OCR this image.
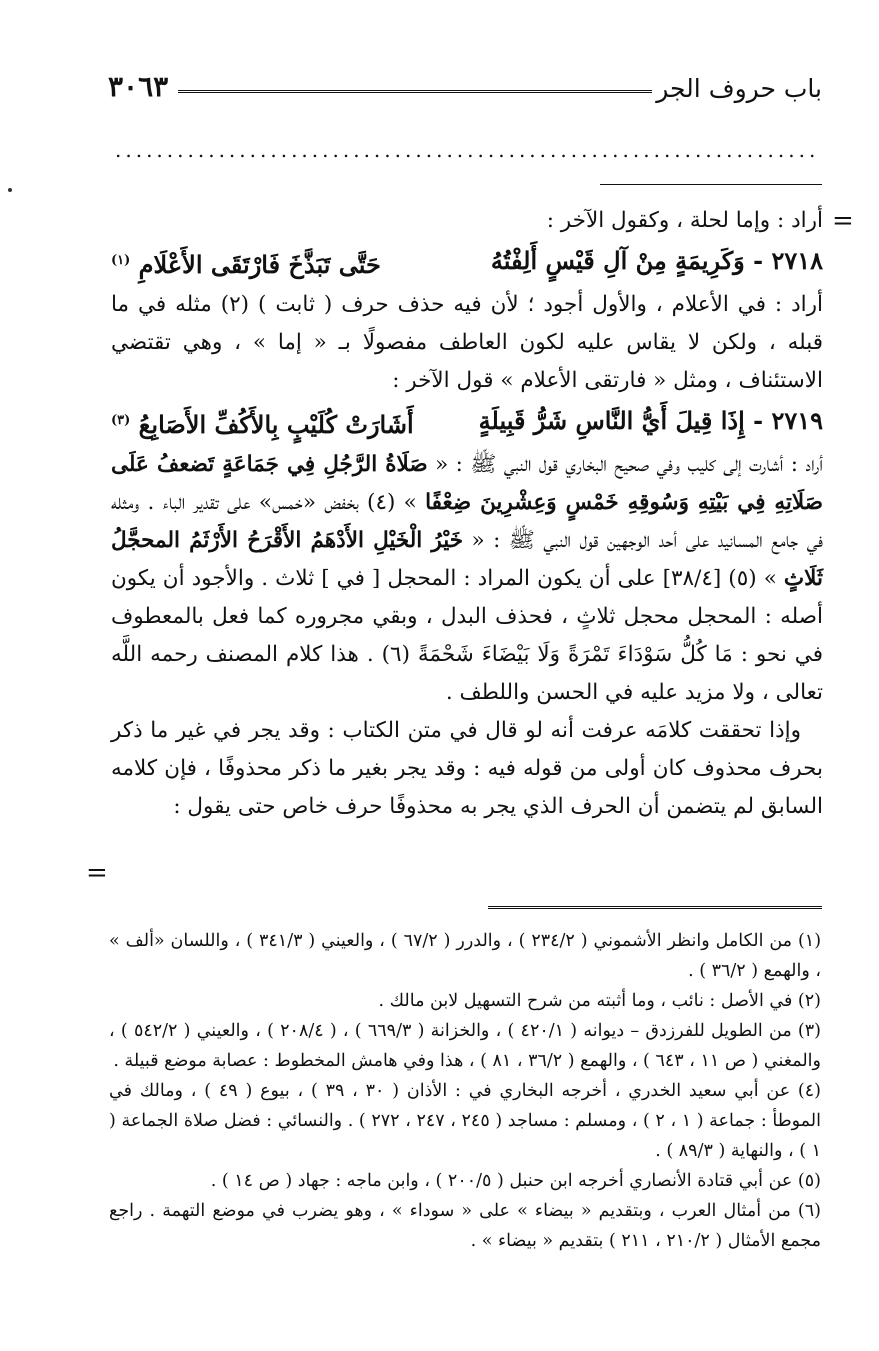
باب حروف الجر
٣٠٦٣
....................................................................
=
=

أراد : وإما لحلة ، وكقول الآخر :

٢٧١٨ - وَكَرِيمَةٍ مِنْ آلِ قَيْسٍ أَلِفْتُهُ
حَتَّى تَبَذَّخَ فَارْتَقَى الأَعْلَامِ $^{(١)}$

أراد : في الأعلام ، والأول أجود ؛ لأن فيه حذف حرف ( ثابت ) (٢) مثله في ما قبله ، ولكن لا يقاس عليه لكون العاطف مفصولًا بـ « إما » ، وهي تقتضي الاستئناف ، ومثل « فارتقى الأعلام » قول الآخر :

٢٧١٩ - إِذَا قِيلَ أَيُّ النَّاسِ شَرُّ قَبِيلَةٍ
أَشَارَتْ كُلَيْبٍ بِالأَكُفِّ الأَصَابِعُ $^{(٣)}$

أراد : أشارت إلى كليب وفي صحيح البخاري قول النبي ﷺ : « صَلَاةُ الرَّجُلِ فِي جَمَاعَةٍ تَضعفُ عَلَى صَلَاتِهِ فِي بَيْتِهِ وَسُوقِهِ خَمْسٍ وَعِشْرِينَ ضِعْفًا » (٤) بخفض «خمس» على تقدير الباء . ومثله في جامع المسانيد على أحد الوجهين قول النبي ﷺ : « خَيْرُ الْخَيْلِ الأَدْهَمُ الأَقْرَحُ الأَرْثَمُ المحجَّلُ ثَلَاثٍ » (٥) [٣٨/٤] على أن يكون المراد : المحجل [ في ] ثلاث . والأجود أن يكون أصله : المحجل محجل ثلاثٍ ، فحذف البدل ، وبقي مجروره كما فعل بالمعطوف في نحو : مَا كُلُّ سَوْدَاءَ تَمْرَةً وَلَا بَيْضَاءَ شَحْمَةً (٦) . هذا كلام المصنف رحمه اللَّه تعالى ، ولا مزيد عليه في الحسن واللطف .

وإذا تحققت كلامَه عرفت أنه لو قال في متن الكتاب : وقد يجر في غير ما ذكر بحرف محذوف كان أولى من قوله فيه : وقد يجر بغير ما ذكر محذوفًا ، فإن كلامه السابق لم يتضمن أن الحرف الذي يجر به محذوفًا حرف خاص حتى يقول :

(١) من الكامل وانظر الأشموني ( ٢٣٤/٢ ) ، والدرر ( ٦٧/٢ ) ، والعيني ( ٣٤١/٣ ) ، واللسان «ألف » ، والهمع ( ٣٦/٢ ) .

(٢) في الأصل : نائب ، وما أثبته من شرح التسهيل لابن مالك .

(٣) من الطويل للفرزدق – ديوانه ( ٤٢٠/١ ) ، والخزانة ( ٦٦٩/٣ ) ، ( ٢٠٨/٤ ) ، والعيني ( ٥٤٢/٢ ) ، والمغني ( ص ١١ ، ٦٤٣ ) ، والهمع ( ٣٦/٢ ، ٨١ ) ، هذا وفي هامش المخطوط : عصابة موضع قبيلة .

(٤) عن أبي سعيد الخدري ، أخرجه البخاري في : الأذان ( ٣٠ ، ٣٩ ) ، بيوع ( ٤٩ ) ، ومالك في الموطأ : جماعة ( ١ ، ٢ ) ، ومسلم : مساجد ( ٢٤٥ ، ٢٤٧ ، ٢٧٢ ) . والنسائي : فضل صلاة الجماعة ( ١ ) ، والنهاية ( ٨٩/٣ ) .

(٥) عن أبي قتادة الأنصاري أخرجه ابن حنبل ( ٢٠٠/٥ ) ، وابن ماجه : جهاد ( ص ١٤ ) .

(٦) من أمثال العرب ، وبتقديم « بيضاء » على « سوداء » ، وهو يضرب في موضع التهمة . راجع مجمع الأمثال ( ٢١٠/٢ ، ٢١١ ) بتقديم « بيضاء » .
